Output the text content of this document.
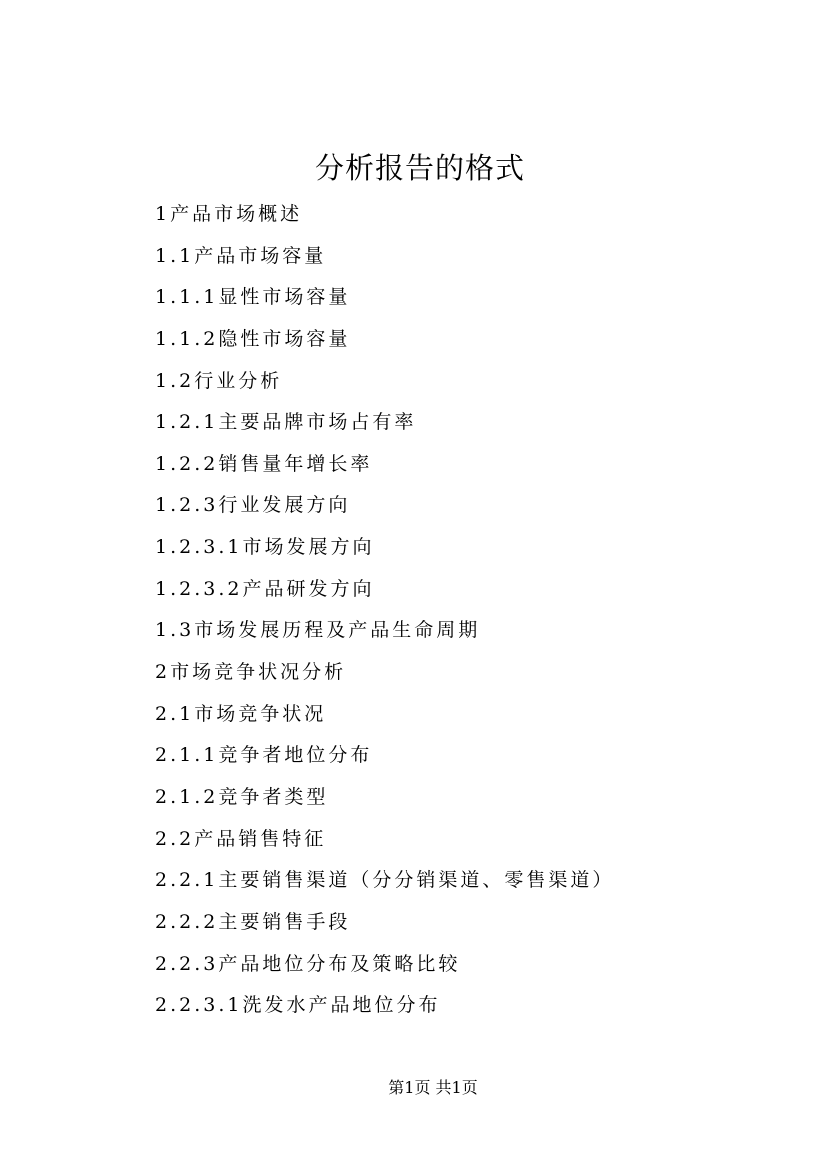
分析报告的格式
1产品市场概述
1.1产品市场容量
1.1.1显性市场容量
1.1.2隐性市场容量
1.2行业分析
1.2.1主要品牌市场占有率
1.2.2销售量年增长率
1.2.3行业发展方向
1.2.3.1市场发展方向
1.2.3.2产品研发方向
1.3市场发展历程及产品生命周期
2市场竞争状况分析
2.1市场竞争状况
2.1.1竞争者地位分布
2.1.2竞争者类型
2.2产品销售特征
2.2.1主要销售渠道（分分销渠道、零售渠道）
2.2.2主要销售手段
2.2.3产品地位分布及策略比较
2.2.3.1洗发水产品地位分布
第1页 共1页
